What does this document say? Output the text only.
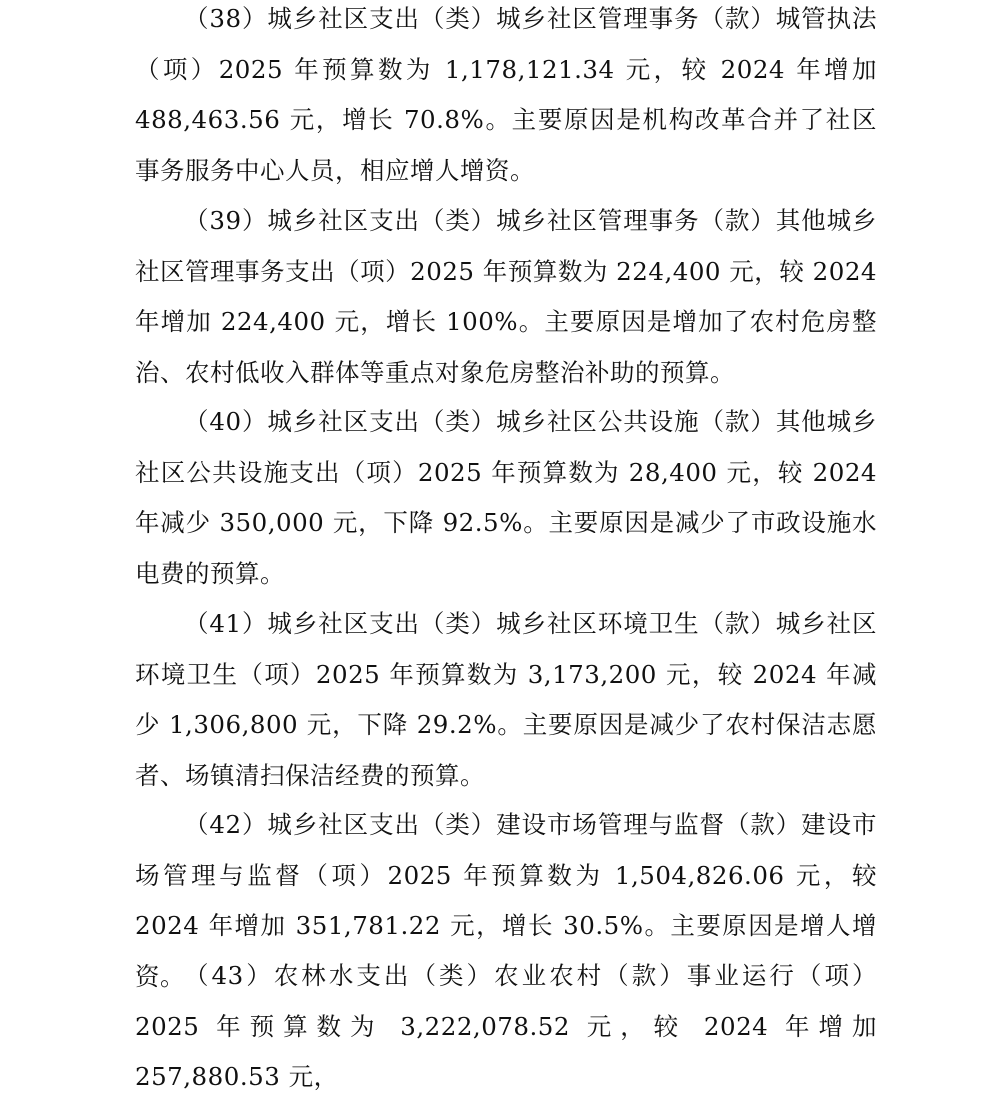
（38）城乡社区支出（类）城乡社区管理事务（款）城管执法（项）2025 年预算数为 1,178,121.34 元，较 2024 年增加 488,463.56 元，增长 70.8%。主要原因是机构改革合并了社区事务服务中心人员，相应增人增资。

（39）城乡社区支出（类）城乡社区管理事务（款）其他城乡社区管理事务支出（项）2025 年预算数为 224,400 元，较 2024 年增加 224,400 元，增长 100%。主要原因是增加了农村危房整治、农村低收入群体等重点对象危房整治补助的预算。

（40）城乡社区支出（类）城乡社区公共设施（款）其他城乡社区公共设施支出（项）2025 年预算数为 28,400 元，较 2024 年减少 350,000 元，下降 92.5%。主要原因是减少了市政设施水电费的预算。

（41）城乡社区支出（类）城乡社区环境卫生（款）城乡社区环境卫生（项）2025 年预算数为 3,173,200 元，较 2024 年减少 1,306,800 元，下降 29.2%。主要原因是减少了农村保洁志愿者、场镇清扫保洁经费的预算。

（42）城乡社区支出（类）建设市场管理与监督（款）建设市场管理与监督（项）2025 年预算数为 1,504,826.06 元，较 2024 年增加 351,781.22 元，增长 30.5%。主要原因是增人增资。 （43）农林水支出（类）农业农村（款）事业运行（项）2025 年预算数为 3,222,078.52 元，较 2024 年增加 257,880.53 元，
